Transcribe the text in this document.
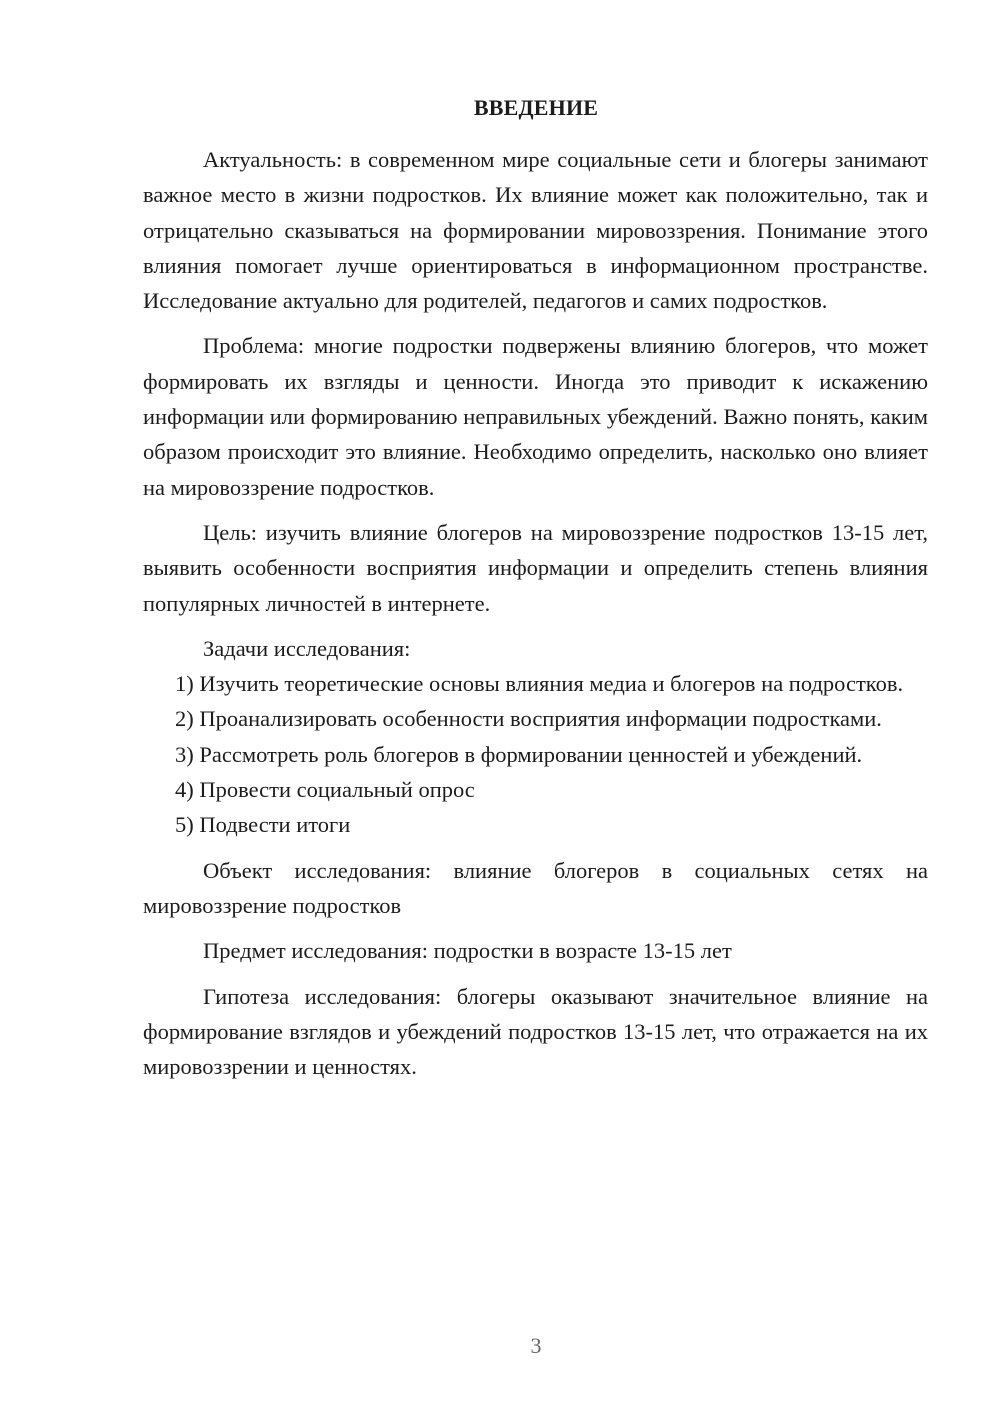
ВВЕДЕНИЕ

Актуальность: в современном мире социальные сети и блогеры занимают важное место в жизни подростков. Их влияние может как положительно, так и отрицательно сказываться на формировании мировоззрения. Понимание этого влияния помогает лучше ориентироваться в информационном пространстве. Исследование актуально для родителей, педагогов и самих подростков.

Проблема: многие подростки подвержены влиянию блогеров, что может формировать их взгляды и ценности. Иногда это приводит к искажению информации или формированию неправильных убеждений. Важно понять, каким образом происходит это влияние. Необходимо определить, насколько оно влияет на мировоззрение подростков.

Цель: изучить влияние блогеров на мировоззрение подростков 13-15 лет, выявить особенности восприятия информации и определить степень влияния популярных личностей в интернете.

Задачи исследования:

1) Изучить теоретические основы влияния медиа и блогеров на подростков.

2) Проанализировать особенности восприятия информации подростками.

3) Рассмотреть роль блогеров в формировании ценностей и убеждений.

4) Провести социальный опрос

5) Подвести итоги

Объект исследования: влияние блогеров в социальных сетях на мировоззрение подростков

Предмет исследования: подростки в возрасте 13-15 лет

Гипотеза исследования: блогеры оказывают значительное влияние на формирование взглядов и убеждений подростков 13-15 лет, что отражается на их мировоззрении и ценностях.

3
